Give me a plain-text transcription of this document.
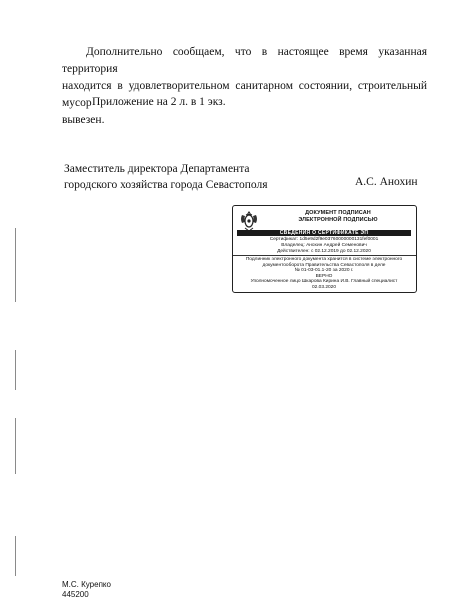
Дополнительно сообщаем, что в настоящее время указанная территория
находится в удовлетворительном санитарном состоянии, строительный мусор
вывезен.
Приложение на 2 л. в 1 экз.
Заместитель директора Департамента
городского хозяйства города Севастополя	А.С. Анохин
ДОКУМЕНТ ПОДПИСАН
ЭЛЕКТРОННОЙ ПОДПИСЬЮ
СВЕДЕНИЯ О СЕРТИФИКАТЕ ЭП
Сертификат: 1d5e9d2f9e03760000000131fef0001
Владелец: Анохин Андрей Семенович
Действителен: с 02.12.2019 до 02.12.2020
Подлинник электронного документа хранится в системе электронного
документооборота Правительства Севастополя в деле
№ 01-03-01.1-20 за 2020 г.
ВЕРНО
Уполномоченное лицо Шкарова Кирина И.В. Главный специалист
02.03.2020
М.С. Курепко
445200
